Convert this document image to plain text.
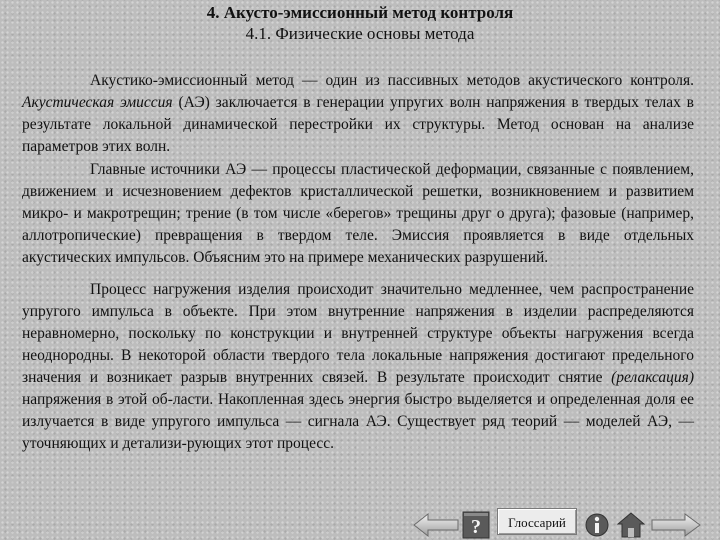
4. Акусто-эмиссионный метод контроля
4.1. Физические основы метода

Акустико-эмиссионный метод — один из пассивных методов акустического контроля. Акустическая эмиссия (АЭ) заключается в генерации упругих волн напряжения в твердых телах в результате локальной динамической перестройки их структуры. Метод основан на анализе параметров этих волн.

Главные источники АЭ — процессы пластической деформации, связанные с появлением, движением и исчезновением дефектов кристаллической решетки, возникновением и развитием микро- и макротрещин; трение (в том числе «берегов» трещины друг о друга); фазовые (например, аллотропические) превращения в твердом теле. Эмиссия проявляется в виде отдельных акустических импульсов. Объясним это на примере механических разрушений.

Процесс нагружения изделия происходит значительно медленнее, чем распространение упругого импульса в объекте. При этом внутренние напряжения в изделии распределяются неравномерно, поскольку по конструкции и внутренней структуре объекты нагружения всегда неоднородны. В некоторой области твердого тела локальные напряжения достигают предельного значения и возникает разрыв внутренних связей. В результате происходит снятие (релаксация) напряжения в этой об-ласти. Накопленная здесь энергия быстро выделяется и определенная доля ее излучается в виде упругого импульса — сигнала АЭ. Существует ряд теорий — моделей АЭ, — уточняющих и детализи-рующих этот процесс.

?	Глоссарий
